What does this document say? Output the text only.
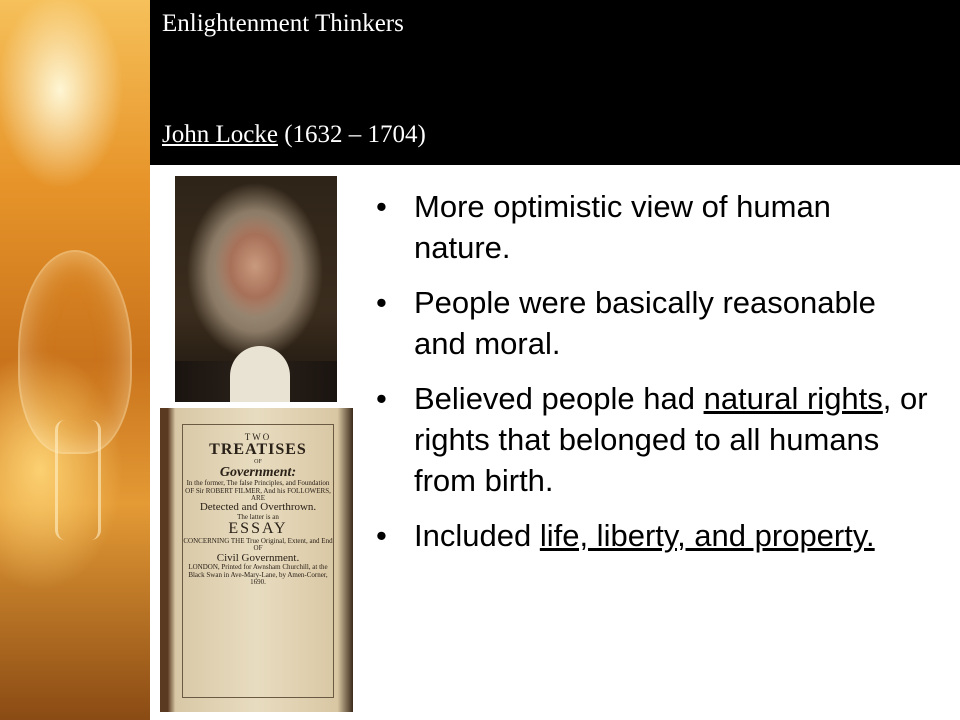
Enlightenment Thinkers
John Locke (1632 – 1704)
TWO
TREATISES
OF
Government:
In the former, The false Principles, and Foundation OF Sir ROBERT FILMER, And his FOLLOWERS, ARE
Detected and Overthrown.
The latter is an
ESSAY
CONCERNING THE True Original, Extent, and End OF
Civil Government.
LONDON, Printed for Awnsham Churchill, at the Black Swan in Ave-Mary-Lane, by Amen-Corner, 1690.
• More optimistic view of human nature.
• People were basically reasonable and moral.
• Believed people had natural rights, or rights that belonged to all humans from birth.
• Included life, liberty, and property.
